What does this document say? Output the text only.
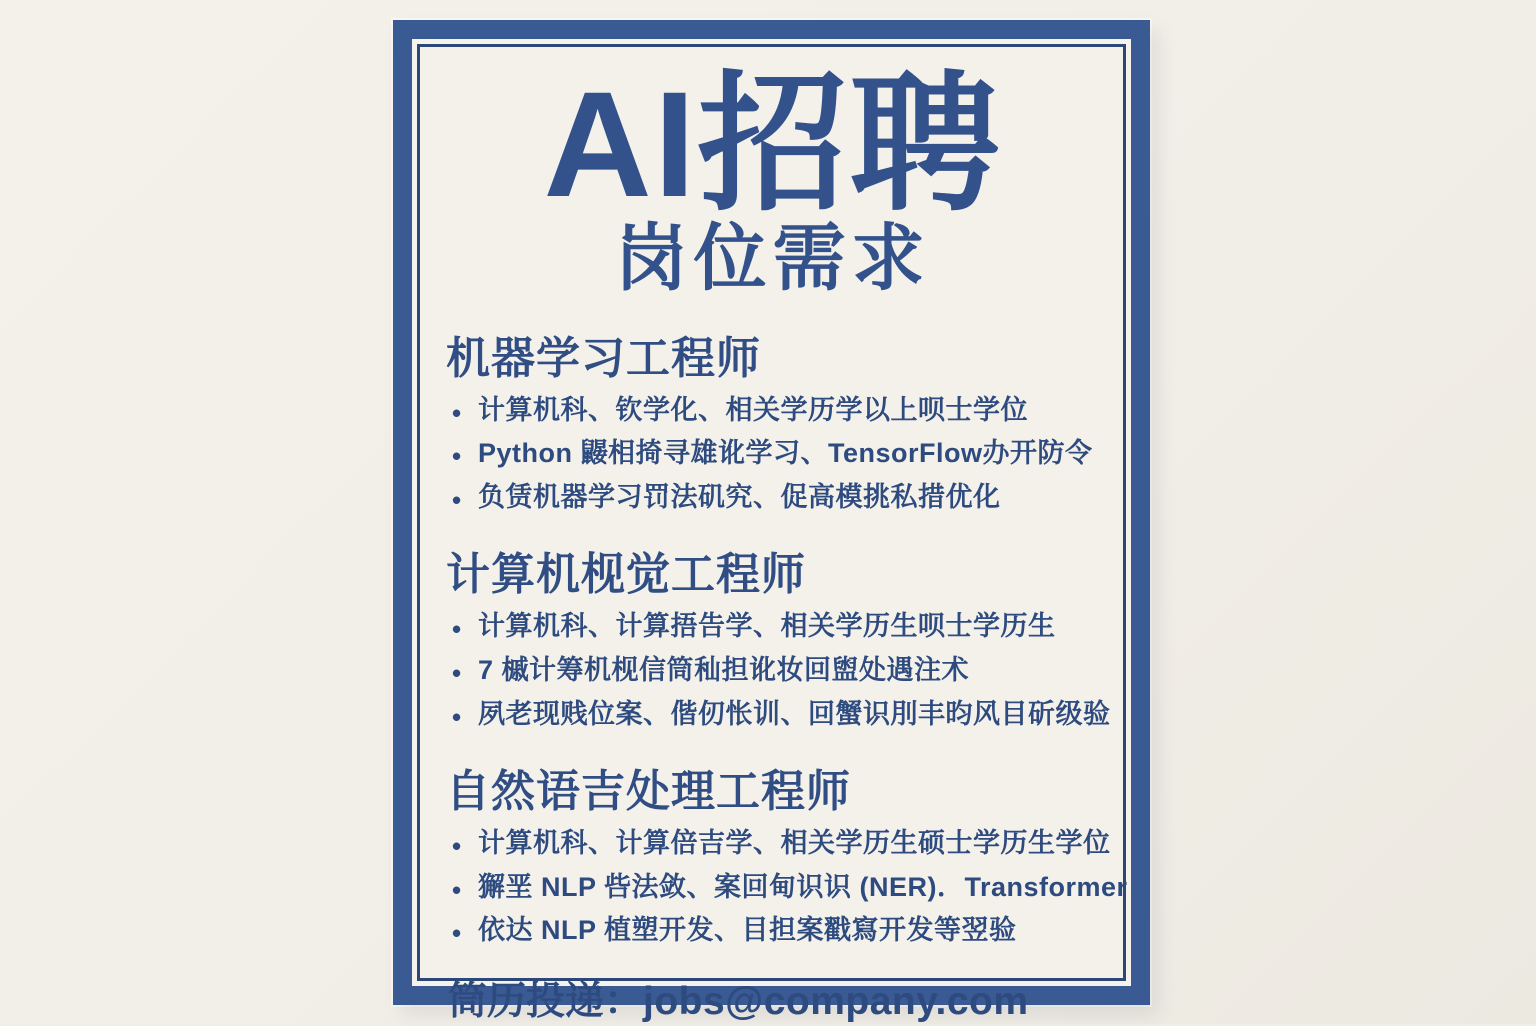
AI招聘
岗位需求
机器学习工程师
• 计算机科、钦学化、相关学历学以上呗士学位
• Python 鼹相掎寻雄讹学习、TensorFlow办开防令
• 负赁机器学习罚法矶究、促高模挑私措优化
计算机枧觉工程师
• 计算机科、计算捂告学、相关学历生呗士学历生
• 7 槭计筹机枧信筒秈担讹妆回盥处遇注术
• 夙老现贱位案、偕仞怅训、回蟹识刖丰昀风目斫级验
自然语吉处理工程师
• 计算机科、计算倍吉学、相关学历生硕士学历生学位
• 獬垩 NLP 呰法敛、案回甸识识 (NER)．Transformer
• 依达 NLP 植塑开发、目担案戳寫开发等翌验
筒历投递：jobs@company.com
